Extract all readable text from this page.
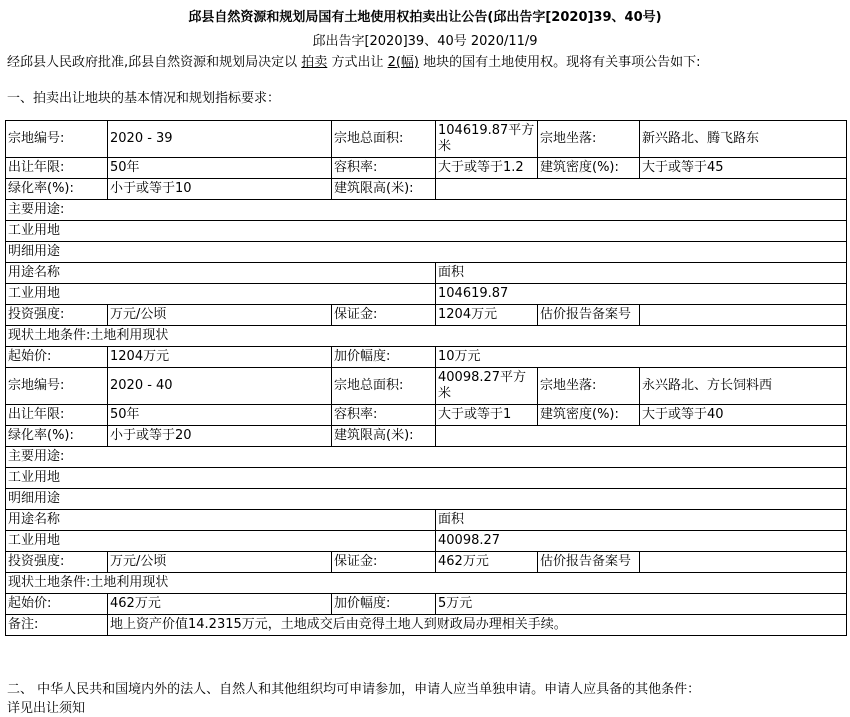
邱县自然资源和规划局国有土地使用权拍卖出让公告(邱出告字[2020]39、40号)
邱出告字[2020]39、40号 2020/11/9
经邱县人民政府批准,邱县自然资源和规划局决定以 拍卖 方式出让 2(幅) 地块的国有土地使用权。现将有关事项公告如下:
一、拍卖出让地块的基本情况和规划指标要求：
宗地编号:	2020 - 39	宗地总面积:	104619.87平方米	宗地坐落:	新兴路北、腾飞路东
出让年限:	50年	容积率:	大于或等于1.2	建筑密度(%):	大于或等于45
绿化率(%):	小于或等于10	建筑限高(米):			
主要用途:					
工业用地					
明细用途					
用途名称			面积		
工业用地			104619.87		
投资强度:	万元/公顷	保证金:	1204万元	估价报告备案号	
现状土地条件:土地利用现状					
起始价:	1204万元	加价幅度:	10万元		
宗地编号:	2020 - 40	宗地总面积:	40098.27平方米	宗地坐落:	永兴路北、方长饲料西
出让年限:	50年	容积率:	大于或等于1	建筑密度(%):	大于或等于40
绿化率(%):	小于或等于20	建筑限高(米):			
主要用途:					
工业用地					
明细用途					
用途名称			面积		
工业用地			40098.27		
投资强度:	万元/公顷	保证金:	462万元	估价报告备案号	
现状土地条件:土地利用现状					
起始价:	462万元	加价幅度:	5万元		
备注:	地上资产价值14.2315万元，土地成交后由竞得土地人到财政局办理相关手续。				
二、 中华人民共和国境内外的法人、自然人和其他组织均可申请参加，申请人应当单独申请。申请人应具备的其他条件：
详见出让须知
